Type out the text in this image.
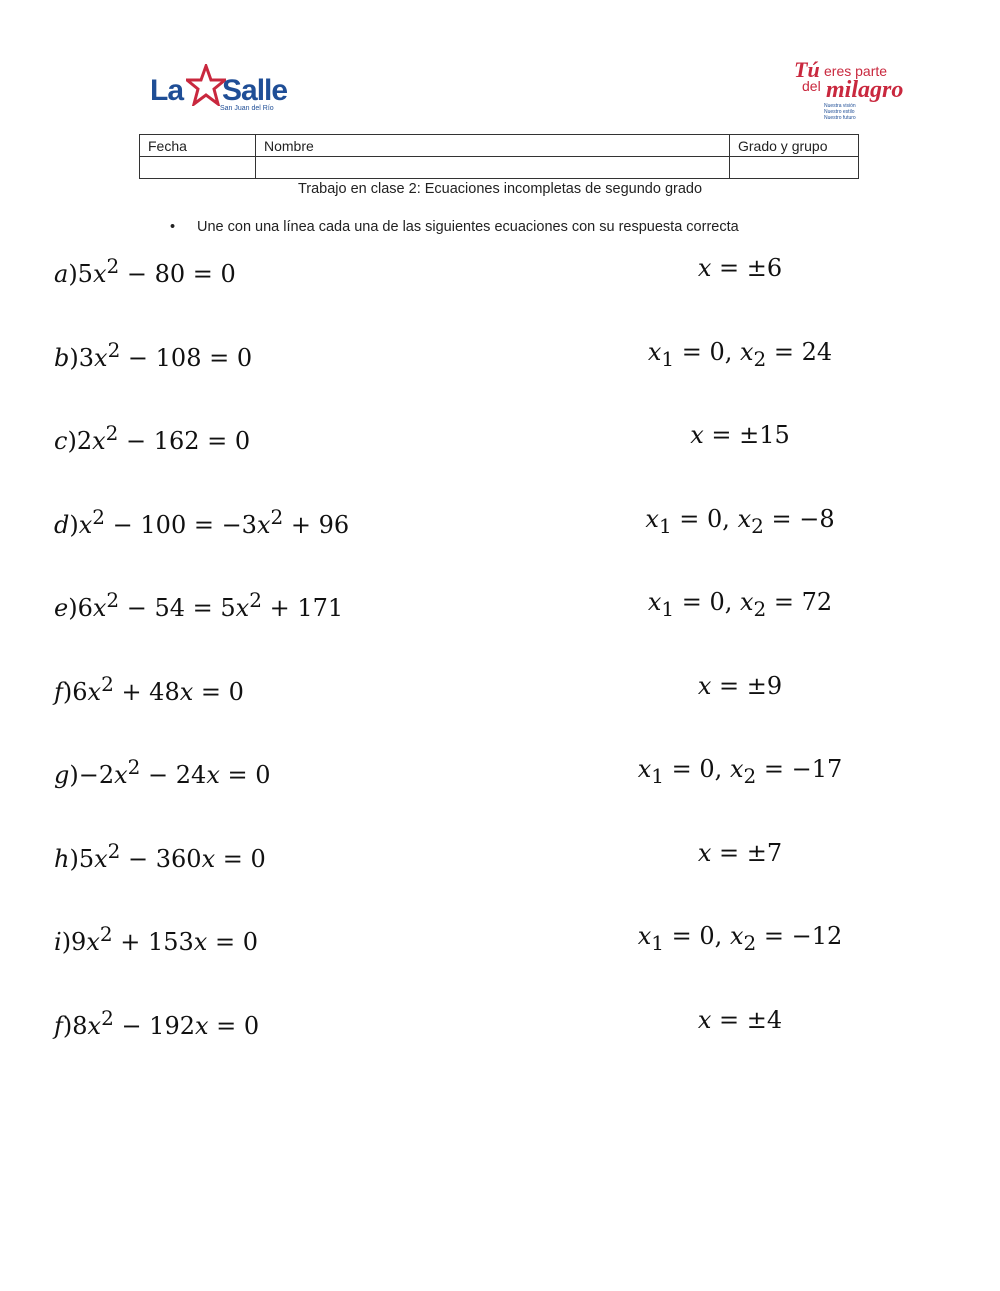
La Salle
San Juan del Río
Tú eres parte
del milagro
Nuestra visión
Nuestro estilo
Nuestro futuro
Fecha	Nombre	Grado y grupo

Trabajo en clase 2: Ecuaciones incompletas de segundo grado
• Une con una línea cada una de las siguientes ecuaciones con su respuesta correcta
$a)5x^2 - 80 = 0$	x = ±6
$b)3x^2 - 108 = 0$	$x_1 = 0$, $x_2 = 24$
$c)2x^2 - 162 = 0$	x = ±15
$d)x^2 - 100 = -3x^2 + 96$	$x_1 = 0$, $x_2 = -8$
$e)6x^2 - 54 = 5x^2 + 171$	$x_1 = 0$, $x_2 = 72$
$f)6x^2 + 48x = 0$	x = ±9
$g)-2x^2 - 24x = 0$	$x_1 = 0$, $x_2 = -17$
$h)5x^2 - 360x = 0$	x = ±7
$i)9x^2 + 153x = 0$	$x_1 = 0$, $x_2 = -12$
$f)8x^2 - 192x = 0$	x = ±4
